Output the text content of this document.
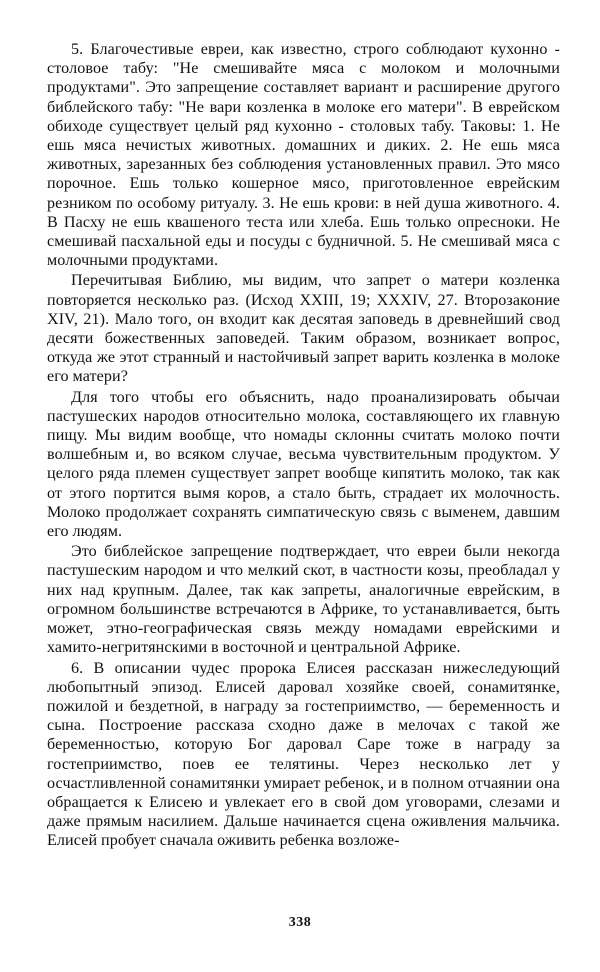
5. Благочестивые евреи, как известно, строго соблюдают кухонно - столовое табу: "Не смешивайте мяса с молоком и молочными продуктами". Это запрещение составляет вариант и расширение другого библейского табу: "Не вари козленка в молоке его матери". В еврейском обиходе существует целый ряд кухонно - столовых табу. Таковы: 1. Не ешь мяса нечистых животных. домашних и диких. 2. Не ешь мяса животных, зарезанных без соблюдения установленных правил. Это мясо порочное. Ешь только кошерное мясо, приготовленное еврейским резником по особому ритуалу. 3. Не ешь крови: в ней душа животного. 4. В Пасху не ешь квашеного теста или хлеба. Ешь только опресноки. Не смешивай пасхальной еды и посуды с будничной. 5. Не смешивай мяса с молочными продуктами.

Перечитывая Библию, мы видим, что запрет о матери козленка повторяется несколько раз. (Исход XXIII, 19; XXXIV, 27. Второзаконие XIV, 21). Мало того, он входит как десятая заповедь в древнейший свод десяти божественных заповедей. Таким образом, возникает вопрос, откуда же этот странный и настойчивый запрет варить козленка в молоке его матери?

Для того чтобы его объяснить, надо проанализировать обычаи пастушеских народов относительно молока, составляющего их главную пищу. Мы видим вообще, что номады склонны считать молоко почти волшебным и, во всяком случае, весьма чувствительным продуктом. У целого ряда племен существует запрет вообще кипятить молоко, так как от этого портится вымя коров, а стало быть, страдает их молочность. Молоко продолжает сохранять симпатическую связь с выменем, давшим его людям.

Это библейское запрещение подтверждает, что евреи были некогда пастушеским народом и что мелкий скот, в частности козы, преобладал у них над крупным. Далее, так как запреты, аналогичные еврейским, в огромном большинстве встречаются в Африке, то устанавливается, быть может, этно-географическая связь между номадами еврейскими и хамито-негритянскими в восточной и центральной Африке.

6. В описании чудес пророка Елисея рассказан нижеследующий любопытный эпизод. Елисей даровал хозяйке своей, сонамитянке, пожилой и бездетной, в награду за гостеприимство, — беременность и сына. Построение рассказа сходно даже в мелочах с такой же беременностью, которую Бог даровал Саре тоже в награду за гостеприимство, поев ее телятины. Через несколько лет у осчастливленной сонамитянки умирает ребенок, и в полном отчаянии она обращается к Елисею и увлекает его в свой дом уговорами, слезами и даже прямым насилием. Дальше начинается сцена оживления мальчика. Елисей пробует сначала оживить ребенка возложе-

338
